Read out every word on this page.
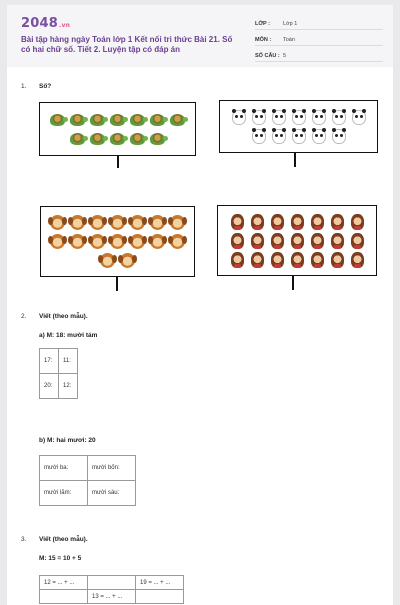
2048.vn
Bài tập hàng ngày Toán lớp 1 Kết nối tri thức Bài 21. Số có hai chữ số. Tiết 2. Luyện tập có đáp án
LỚP :	Lớp 1
MÔN :	Toán
SỐ CÂU : 5
1. Số?
2. Viết (theo mẫu).
a) M: 18: mười tám
17:	11:
20:	12:
b) M: hai mươi: 20
mười ba:	mười bốn:
mười lăm:	mười sáu:
3. Viết (theo mẫu).
M: 15 = 10 + 5
12 = ... + ...		19 = ... + ...
	13 = ... + ...	
